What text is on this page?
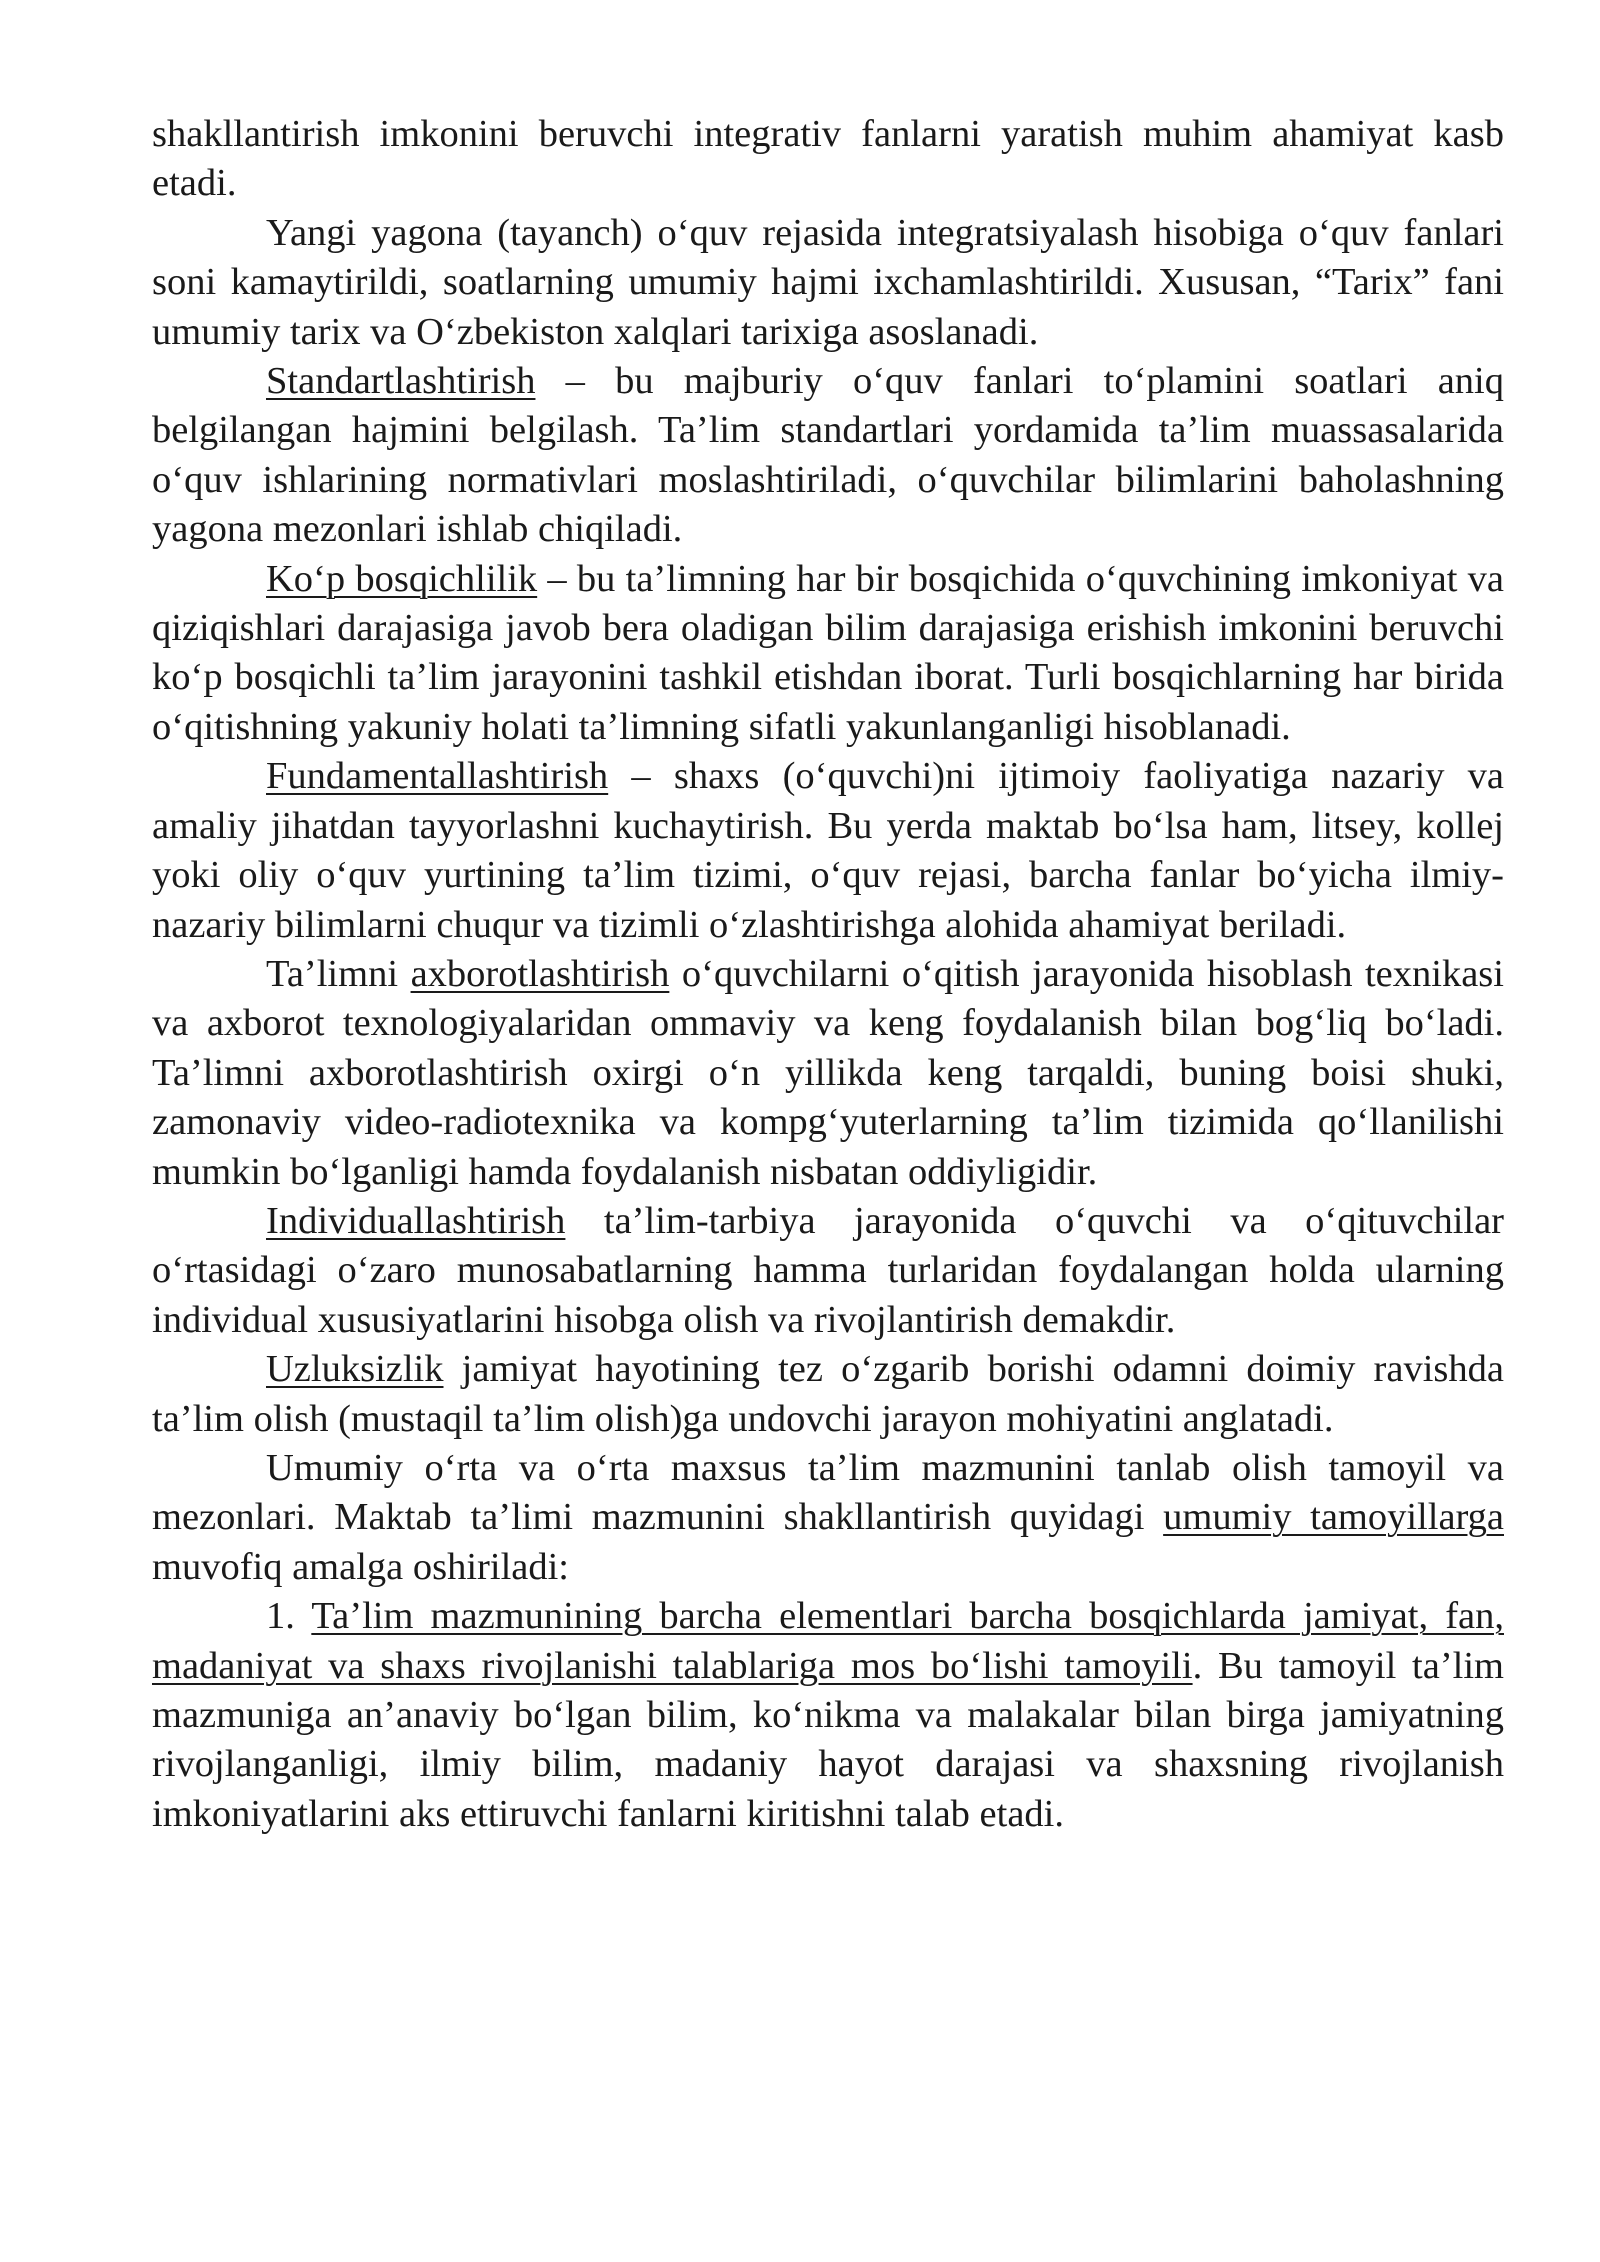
shakllantirish imkonini beruvchi integrativ fanlarni yaratish muhim ahamiyat kasb etadi.

Yangi yagona (tayanch) o‘quv rejasida integratsiyalash hisobiga o‘quv fanlari soni kamaytirildi, soatlarning umumiy hajmi ixchamlashtirildi. Xususan, “Tarix” fani umumiy tarix va O‘zbekiston xalqlari tarixiga asoslanadi.

Standartlashtirish – bu majburiy o‘quv fanlari to‘plamini soatlari aniq belgilangan hajmini belgilash. Ta’lim standartlari yordamida ta’lim muassasalarida o‘quv ishlarining normativlari moslashtiriladi, o‘quvchilar bilimlarini baholashning yagona mezonlari ishlab chiqiladi.

Ko‘p bosqichlilik – bu ta’limning har bir bosqichida o‘quvchining imkoniyat va qiziqishlari darajasiga javob bera oladigan bilim darajasiga erishish imkonini beruvchi ko‘p bosqichli ta’lim jarayonini tashkil etishdan iborat. Turli bosqichlarning har birida o‘qitishning yakuniy holati ta’limning sifatli yakunlanganligi hisoblanadi.

Fundamentallashtirish – shaxs (o‘quvchi)ni ijtimoiy faoliyatiga nazariy va amaliy jihatdan tayyorlashni kuchaytirish. Bu yerda maktab bo‘lsa ham, litsey, kollej yoki oliy o‘quv yurtining ta’lim tizimi, o‘quv rejasi, barcha fanlar bo‘yicha ilmiy-nazariy bilimlarni chuqur va tizimli o‘zlashtirishga alohida ahamiyat beriladi.

Ta’limni axborotlashtirish o‘quvchilarni o‘qitish jarayonida hisoblash texnikasi va axborot texnologiyalaridan ommaviy va keng foydalanish bilan bog‘liq bo‘ladi. Ta’limni axborotlashtirish oxirgi o‘n yillikda keng tarqaldi, buning boisi shuki, zamonaviy video-radiotexnika va kompg‘yuterlarning ta’lim tizimida qo‘llanilishi mumkin bo‘lganligi hamda foydalanish nisbatan oddiyligidir.

Individuallashtirish ta’lim-tarbiya jarayonida o‘quvchi va o‘qituvchilar o‘rtasidagi o‘zaro munosabatlarning hamma turlaridan foydalangan holda ularning individual xususiyatlarini hisobga olish va rivojlantirish demakdir.

Uzluksizlik jamiyat hayotining tez o‘zgarib borishi odamni doimiy ravishda ta’lim olish (mustaqil ta’lim olish)ga undovchi jarayon mohiyatini anglatadi.

Umumiy o‘rta va o‘rta maxsus ta’lim mazmunini tanlab olish tamoyil va mezonlari. Maktab ta’limi mazmunini shakllantirish quyidagi umumiy tamoyillarga muvofiq amalga oshiriladi:

1. Ta’lim mazmunining barcha elementlari barcha bosqichlarda jamiyat, fan, madaniyat va shaxs rivojlanishi talablariga mos bo‘lishi tamoyili. Bu tamoyil ta’lim mazmuniga an’anaviy bo‘lgan bilim, ko‘nikma va malakalar bilan birga jamiyatning rivojlanganligi, ilmiy bilim, madaniy hayot darajasi va shaxsning rivojlanish imkoniyatlarini aks ettiruvchi fanlarni kiritishni talab etadi.
